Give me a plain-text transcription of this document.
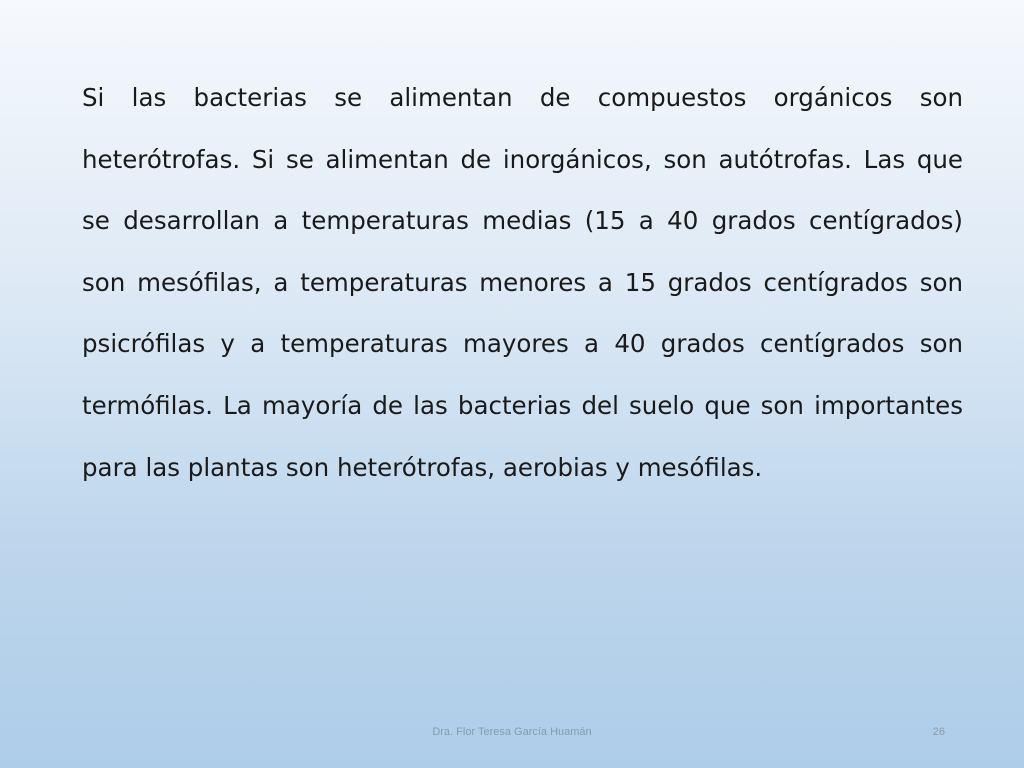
Si las bacterias se alimentan de compuestos orgánicos son heterótrofas. Si se alimentan de inorgánicos, son autótrofas. Las que se desarrollan a temperaturas medias (15 a 40 grados centígrados) son mesófilas, a temperaturas menores a 15 grados centígrados son psicrófilas y a temperaturas mayores a 40 grados centígrados son termófilas. La mayoría de las bacterias del suelo que son importantes para las plantas son heterótrofas, aerobias y mesófilas.

Dra. Flor Teresa García Huamán	26
